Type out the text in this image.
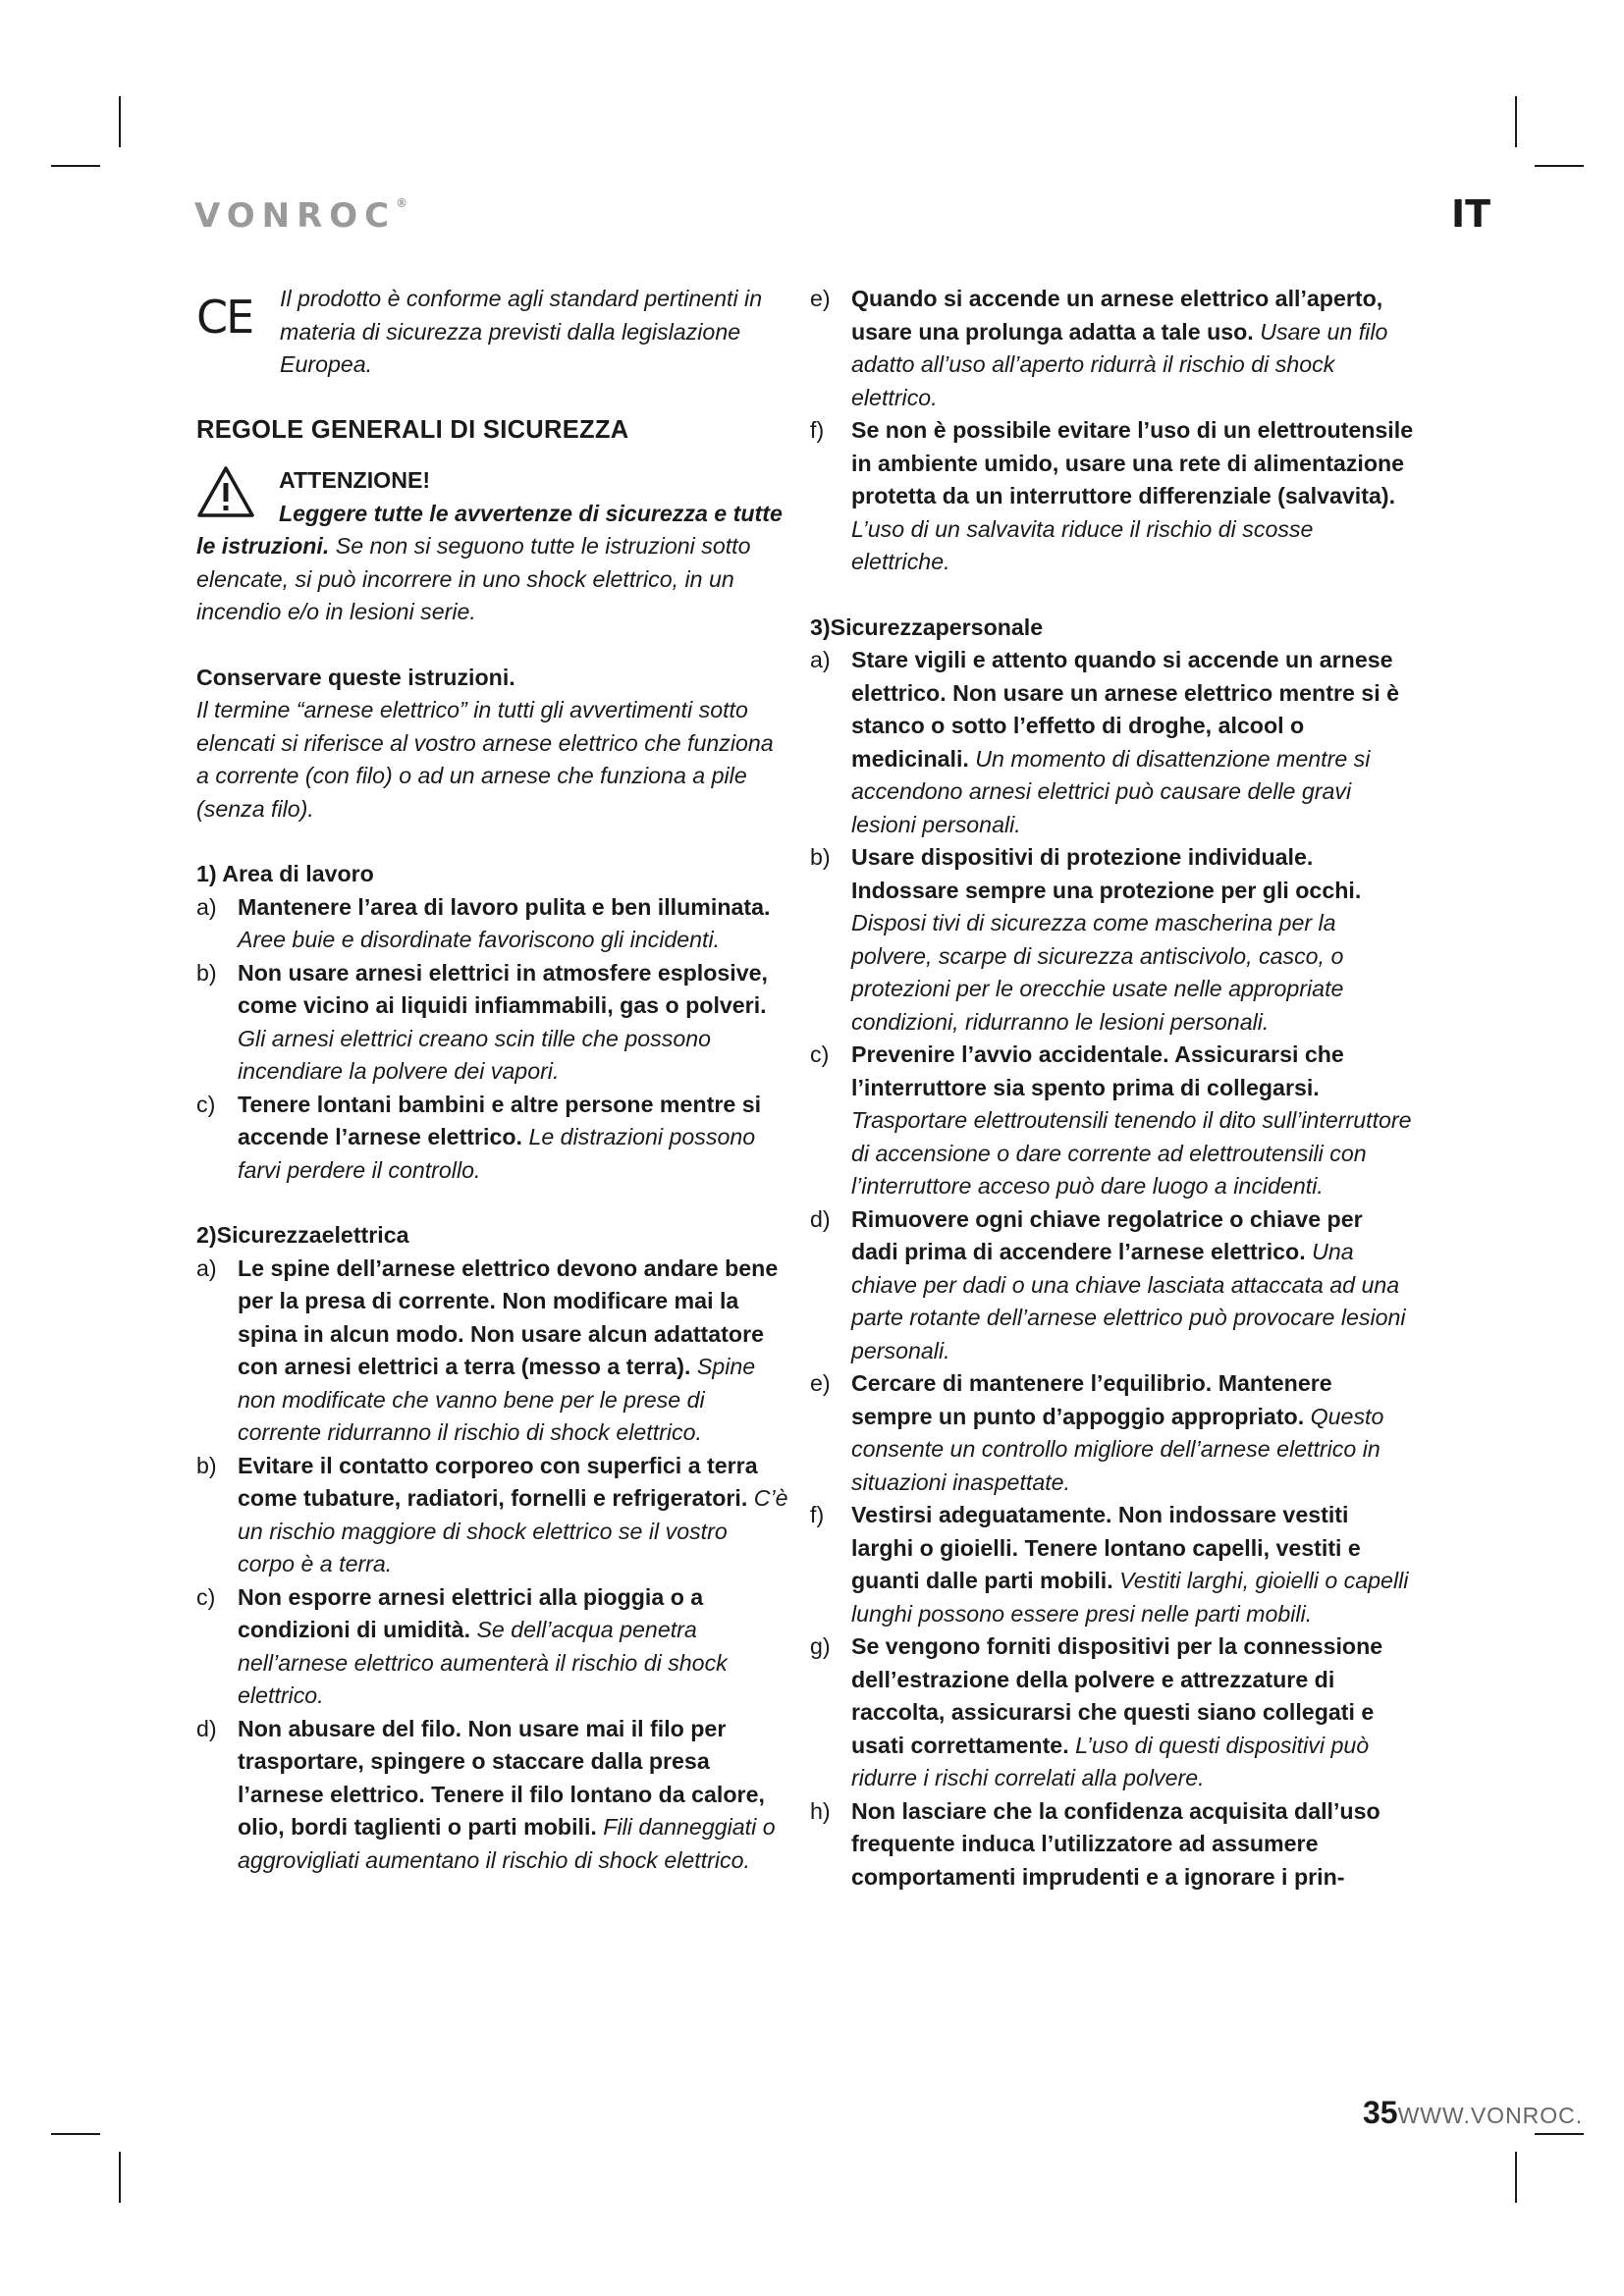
VONROC®	IT
CE Il prodotto è conforme agli standard pertinenti in materia di sicurezza previsti dalla legislazione Europea.

REGOLE GENERALI DI SICUREZZA

ATTENZIONE!

Leggere tutte le avvertenze di sicurezza e tutte le istruzioni. Se non si seguono tutte le istruzioni sotto elencate, si può incorrere in uno shock elettrico, in un incendio e/o in lesioni serie.

Conservare queste istruzioni.

Il termine “arnese elettrico” in tutti gli avvertimenti sotto elencati si riferisce al vostro arnese elettrico che funziona a corrente (con filo) o ad un arnese che funziona a pile (senza filo).

1) Area di lavoro

a) Mantenere l’area di lavoro pulita e ben illuminata. Aree buie e disordinate favoriscono gli incidenti.
b) Non usare arnesi elettrici in atmosfere esplosive, come vicino ai liquidi infiammabili, gas o polveri. Gli arnesi elettrici creano scin tille che possono incendiare la polvere dei vapori.
c) Tenere lontani bambini e altre persone mentre si accende l’arnese elettrico. Le distrazioni possono farvi perdere il controllo.

2)Sicurezzaelettrica

a) Le spine dell’arnese elettrico devono andare bene per la presa di corrente. Non modificare mai la spina in alcun modo. Non usare alcun adattatore con arnesi elettrici a terra (messo a terra). Spine non modificate che vanno bene per le prese di corrente ridurranno il rischio di shock elettrico.
b) Evitare il contatto corporeo con superfici a terra come tubature, radiatori, fornelli e refrigeratori. C’è un rischio maggiore di shock elettrico se il vostro corpo è a terra.
c) Non esporre arnesi elettrici alla pioggia o a condizioni di umidità. Se dell’acqua penetra nell’arnese elettrico aumenterà il rischio di shock elettrico.
d) Non abusare del filo. Non usare mai il filo per trasportare, spingere o staccare dalla presa l’arnese elettrico. Tenere il filo lontano da calore, olio, bordi taglienti o parti mobili. Fili danneggiati o aggrovigliati aumentano il rischio di shock elettrico.
e) Quando si accende un arnese elettrico all’aperto, usare una prolunga adatta a tale uso. Usare un filo adatto all’uso all’aperto ridurrà il rischio di shock elettrico.
f)	Se non è possibile evitare l’uso di un elettroutensile in ambiente umido, usare una rete di alimentazione protetta da un interruttore differenziale (salvavita). L’uso di un salvavita riduce il rischio di scosse elettriche.

3)Sicurezzapersonale

a) Stare vigili e attento quando si accende un arnese elettrico. Non usare un arnese elettrico mentre si è stanco o sotto l’effetto di droghe, alcool o medicinali. Un momento di disattenzione mentre si accendono arnesi elettrici può causare delle gravi lesioni personali.
b) Usare dispositivi di protezione individuale. Indossare sempre una protezione per gli occhi. Disposi tivi di sicurezza come mascherina per la polvere, scarpe di sicurezza antiscivolo, casco, o protezioni per le orecchie usate nelle appropriate condizioni, ridurranno le lesioni personali.
c) Prevenire l’avvio accidentale. Assicurarsi che l’interruttore sia spento prima di collegarsi. Trasportare elettroutensili tenendo il dito sull’interruttore di accensione o dare corrente ad elettroutensili con l’interruttore acceso può dare luogo a incidenti.
d) Rimuovere ogni chiave regolatrice o chiave per dadi prima di accendere l’arnese elettrico. Una chiave per dadi o una chiave lasciata attaccata ad una parte rotante dell’arnese elettrico può provocare lesioni personali.
e) Cercare di mantenere l’equilibrio. Mantenere sempre un punto d’appoggio appropriato. Questo consente un controllo migliore dell’arnese elettrico in situazioni inaspettate.
f)	Vestirsi adeguatamente. Non indossare vestiti larghi o gioielli. Tenere lontano capelli, vestiti e guanti dalle parti mobili. Vestiti larghi, gioielli o capelli lunghi possono essere presi nelle parti mobili.
g) Se vengono forniti dispositivi per la connessione dell’estrazione della polvere e attrezzature di raccolta, assicurarsi che questi siano collegati e usati correttamente. L’uso di questi dispositivi può ridurre i rischi correlati alla polvere.
h) Non lasciare che la confidenza acquisita dall’uso frequente induca l’utilizzatore ad assumere comportamenti imprudenti e a ignorare i prin-
35WWW.VONROC.
